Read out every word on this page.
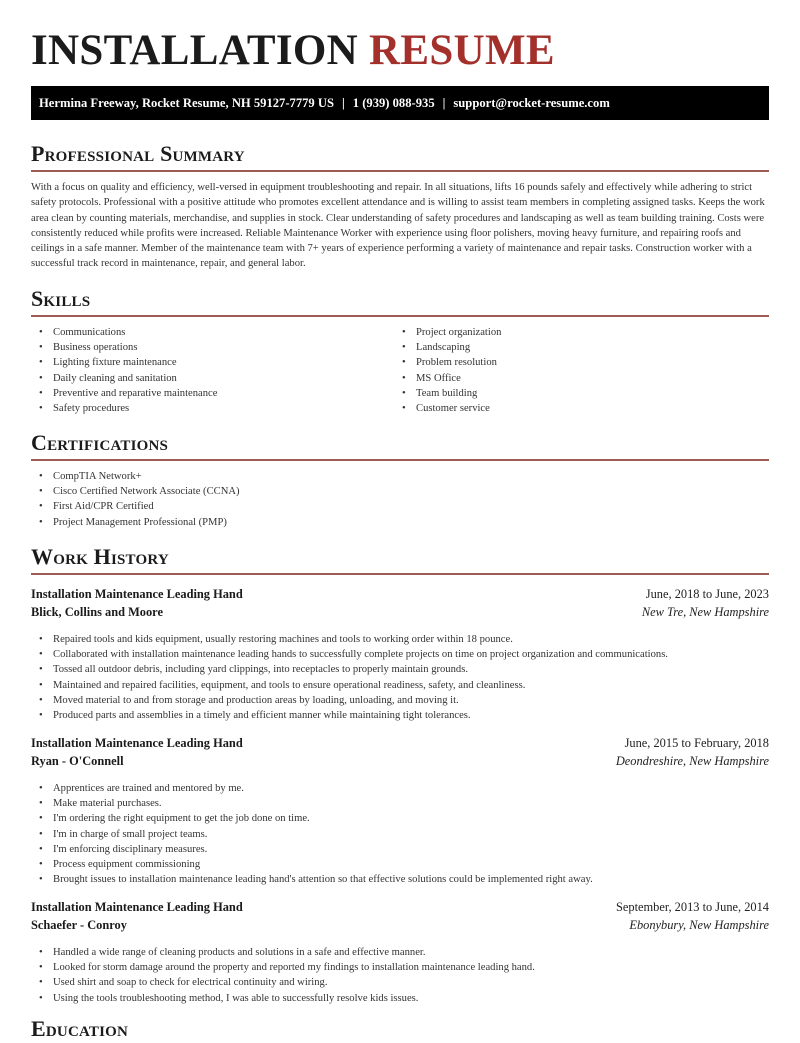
INSTALLATION RESUME
Hermina Freeway, Rocket Resume, NH 59127-7779 US | 1 (939) 088-935 | support@rocket-resume.com
Professional Summary
With a focus on quality and efficiency, well-versed in equipment troubleshooting and repair. In all situations, lifts 16 pounds safely and effectively while adhering to strict safety protocols. Professional with a positive attitude who promotes excellent attendance and is willing to assist team members in completing assigned tasks. Keeps the work area clean by counting materials, merchandise, and supplies in stock. Clear understanding of safety procedures and landscaping as well as team building training. Costs were consistently reduced while profits were increased. Reliable Maintenance Worker with experience using floor polishers, moving heavy furniture, and repairing roofs and ceilings in a safe manner. Member of the maintenance team with 7+ years of experience performing a variety of maintenance and repair tasks. Construction worker with a successful track record in maintenance, repair, and general labor.
Skills
• Communications
• Business operations
• Lighting fixture maintenance
• Daily cleaning and sanitation
• Preventive and reparative maintenance
• Safety procedures
• Project organization
• Landscaping
• Problem resolution
• MS Office
• Team building
• Customer service
Certifications
• CompTIA Network+
• Cisco Certified Network Associate (CCNA)
• First Aid/CPR Certified
• Project Management Professional (PMP)
Work History
Installation Maintenance Leading Hand	June, 2018 to June, 2023
Blick, Collins and Moore	New Tre, New Hampshire
• Repaired tools and kids equipment, usually restoring machines and tools to working order within 18 pounce.
• Collaborated with installation maintenance leading hands to successfully complete projects on time on project organization and communications.
• Tossed all outdoor debris, including yard clippings, into receptacles to properly maintain grounds.
• Maintained and repaired facilities, equipment, and tools to ensure operational readiness, safety, and cleanliness.
• Moved material to and from storage and production areas by loading, unloading, and moving it.
• Produced parts and assemblies in a timely and efficient manner while maintaining tight tolerances.
Installation Maintenance Leading Hand	June, 2015 to February, 2018
Ryan - O'Connell	Deondreshire, New Hampshire
• Apprentices are trained and mentored by me.
• Make material purchases.
• I'm ordering the right equipment to get the job done on time.
• I'm in charge of small project teams.
• I'm enforcing disciplinary measures.
• Process equipment commissioning
• Brought issues to installation maintenance leading hand's attention so that effective solutions could be implemented right away.
Installation Maintenance Leading Hand	September, 2013 to June, 2014
Schaefer - Conroy	Ebonybury, New Hampshire
• Handled a wide range of cleaning products and solutions in a safe and effective manner.
• Looked for storm damage around the property and reported my findings to installation maintenance leading hand.
• Used shirt and soap to check for electrical continuity and wiring.
• Using the tools troubleshooting method, I was able to successfully resolve kids issues.
Education
